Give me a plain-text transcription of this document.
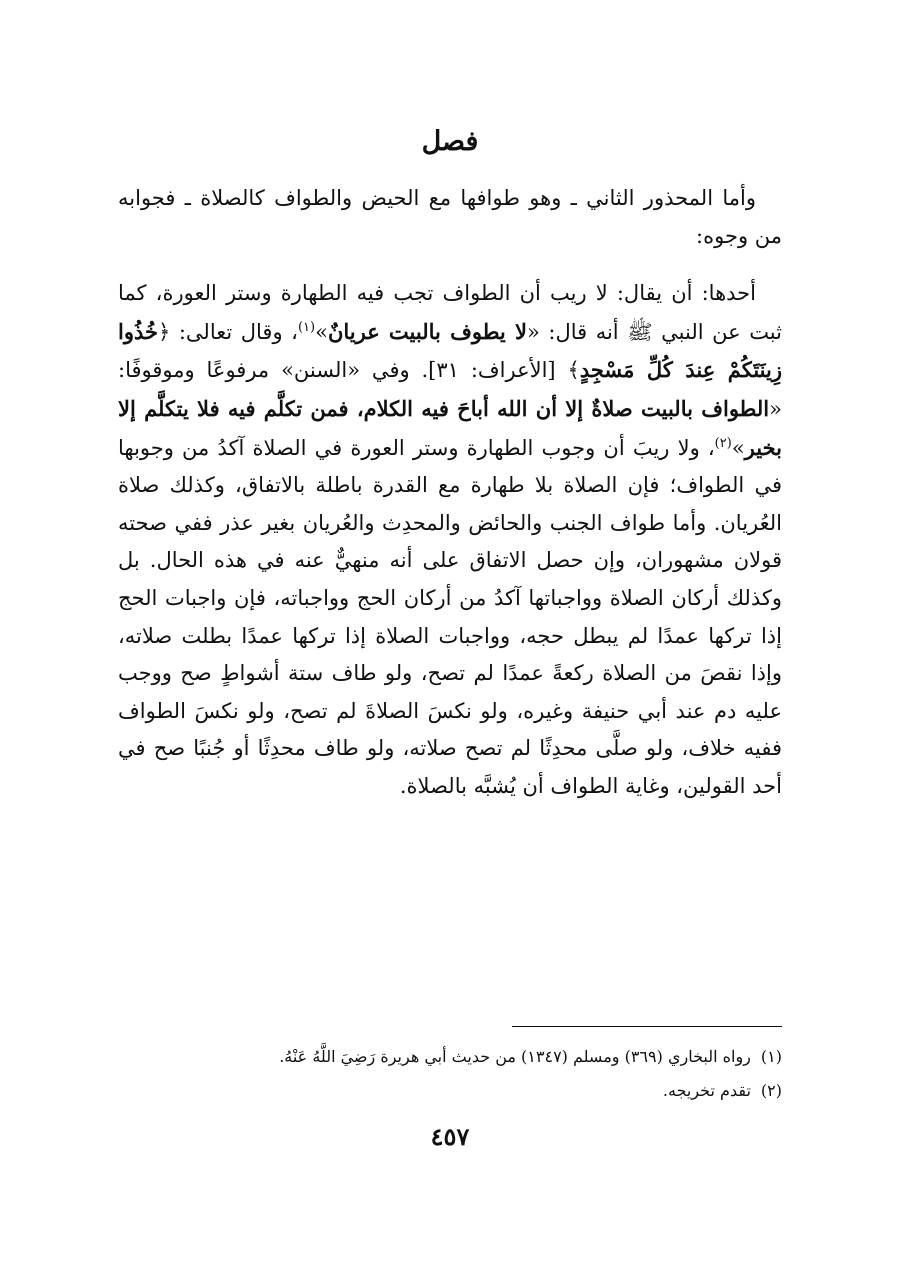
فصل

وأما المحذور الثاني ـ وهو طوافها مع الحيض والطواف كالصلاة ـ فجوابه من وجوه:

أحدها: أن يقال: لا ريب أن الطواف تجب فيه الطهارة وستر العورة، كما ثبت عن النبي ﷺ أنه قال: «لا يطوف بالبيت عريانٌ»$^{(١)}$، وقال تعالى: ﴿خُذُوا زِينَتَكُمْ عِندَ كُلِّ مَسْجِدٍ﴾ [الأعراف: ٣١]. وفي «السنن» مرفوعًا وموقوفًا: «الطواف بالبيت صلاةٌ إلا أن الله أباحَ فيه الكلام، فمن تكلَّم فيه فلا يتكلَّم إلا بخير»$^{(٢)}$، ولا ريبَ أن وجوب الطهارة وستر العورة في الصلاة آكدُ من وجوبها في الطواف؛ فإن الصلاة بلا طهارة مع القدرة باطلة بالاتفاق، وكذلك صلاة العُريان. وأما طواف الجنب والحائض والمحدِث والعُريان بغير عذر ففي صحته قولان مشهوران، وإن حصل الاتفاق على أنه منهيٌّ عنه في هذه الحال. بل وكذلك أركان الصلاة وواجباتها آكدُ من أركان الحج وواجباته، فإن واجبات الحج إذا تركها عمدًا لم يبطل حجه، وواجبات الصلاة إذا تركها عمدًا بطلت صلاته، وإذا نقصَ من الصلاة ركعةً عمدًا لم تصح، ولو طاف ستة أشواطٍ صح ووجب عليه دم عند أبي حنيفة وغيره، ولو نكسَ الصلاةَ لم تصح، ولو نكسَ الطواف ففيه خلاف، ولو صلَّى محدِثًا لم تصح صلاته، ولو طاف محدِثًا أو جُنبًا صح في أحد القولين، وغاية الطواف أن يُشبَّه بالصلاة.

(١)رواه البخاري (٣٦٩) ومسلم (١٣٤٧) من حديث أبي هريرة رَضِيَ اللَّهُ عَنْهُ.
(٢)تقدم تخريجه.
٤٥٧
